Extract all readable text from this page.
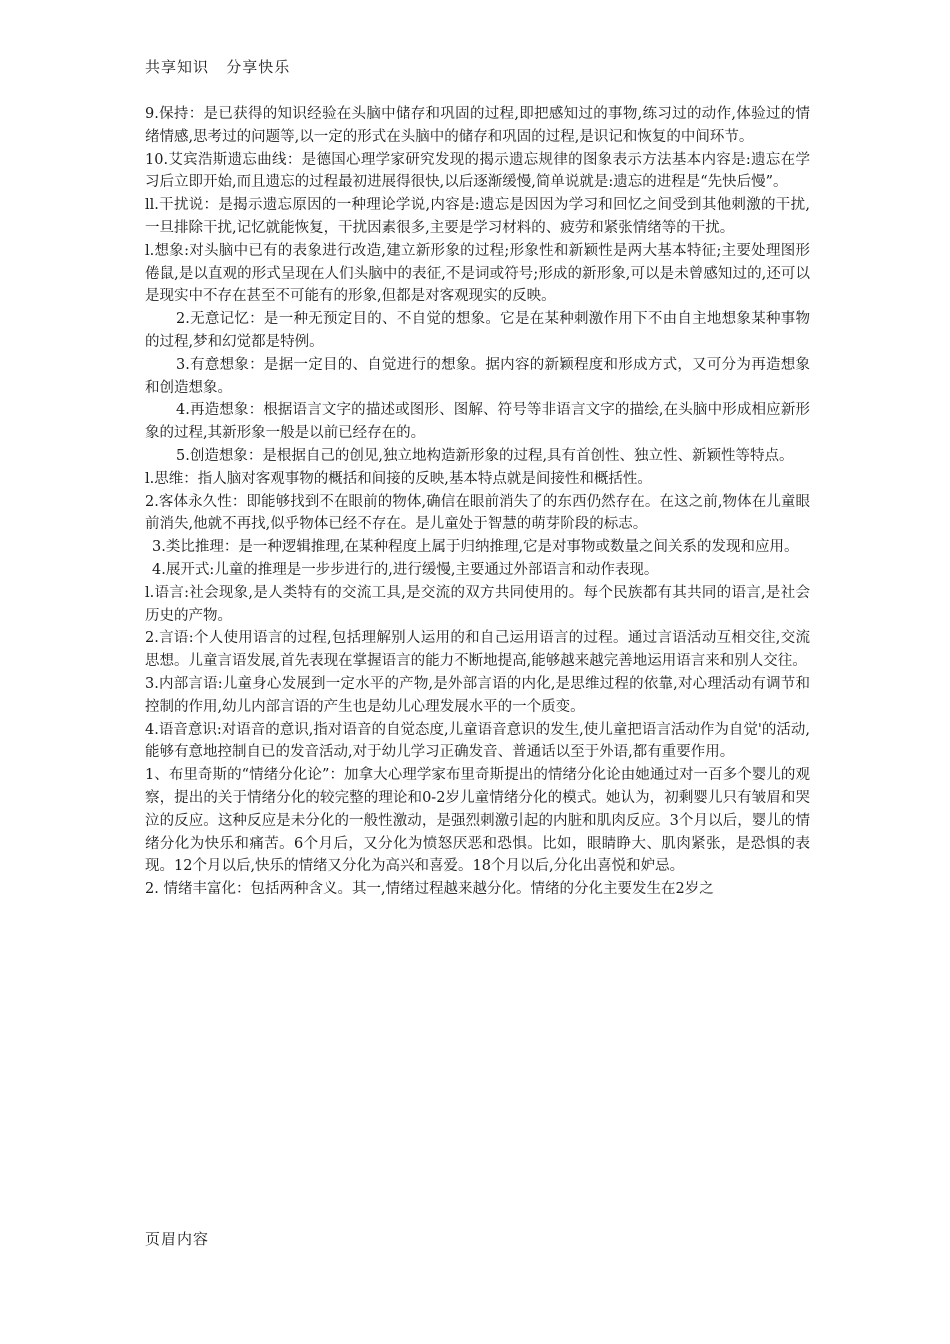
共享知识   分享快乐

9.保持：是已获得的知识经验在头脑中储存和巩固的过程,即把感知过的事物,练习过的动作,体验过的情绪情感,思考过的问题等,以一定的形式在头脑中的储存和巩固的过程,是识记和恢复的中间环节。

10.艾宾浩斯遗忘曲线：是德国心理学家研究发现的揭示遗忘规律的图象表示方法基本内容是:遗忘在学习后立即开始,而且遗忘的过程最初进展得很快,以后逐渐缓慢,简单说就是:遗忘的进程是“先快后慢”。

ll.干扰说：是揭示遗忘原因的一种理论学说,内容是:遗忘是因因为学习和回忆之间受到其他刺激的干扰,一旦排除干扰,记忆就能恢复，干扰因素很多,主要是学习材料的、疲劳和紧张情绪等的干扰。

l.想象:对头脑中已有的表象进行改造,建立新形象的过程;形象性和新颖性是两大基本特征;主要处理图形倦鼠,是以直观的形式呈现在人们头脑中的表征,不是词或符号;形成的新形象,可以是未曾感知过的,还可以是现实中不存在甚至不可能有的形象,但都是对客观现实的反映。

2.无意记忆：是一种无预定目的、不自觉的想象。它是在某种刺激作用下不由自主地想象某种事物的过程,梦和幻觉都是特例。

3.有意想象：是据一定目的、自觉进行的想象。据内容的新颖程度和形成方式，又可分为再造想象和创造想象。

4.再造想象：根据语言文字的描述或图形、图解、符号等非语言文字的描绘,在头脑中形成相应新形象的过程,其新形象一般是以前已经存在的。

5.创造想象：是根据自己的创见,独立地构造新形象的过程,具有首创性、独立性、新颖性等特点。

l.思维：指人脑对客观事物的概括和间接的反映,基本特点就是间接性和概括性。

2.客体永久性：即能够找到不在眼前的物体,确信在眼前消失了的东西仍然存在。在这之前,物体在儿童眼前消失,他就不再找,似乎物体已经不存在。是儿童处于智慧的萌芽阶段的标志。

3.类比推理：是一种逻辑推理,在某种程度上属于归纳推理,它是对事物或数量之间关系的发现和应用。

4.展开式:儿童的推理是一步步进行的,进行缓慢,主要通过外部语言和动作表现。

l.语言:社会现象,是人类特有的交流工具,是交流的双方共同使用的。每个民族都有其共同的语言,是社会历史的产物。

2.言语:个人使用语言的过程,包括理解别人运用的和自己运用语言的过程。通过言语活动互相交往,交流思想。儿童言语发展,首先表现在掌握语言的能力不断地提高,能够越来越完善地运用语言来和别人交往。

3.内部言语:儿童身心发展到一定水平的产物,是外部言语的内化,是思维过程的依靠,对心理活动有调节和控制的作用,幼儿内部言语的产生也是幼儿心理发展水平的一个质变。

4.语音意识:对语音的意识,指对语音的自觉态度,儿童语音意识的发生,使儿童把语言活动作为自觉'的活动,能够有意地控制自已的发音活动,对于幼儿学习正确发音、普通话以至于外语,都有重要作用。

1、布里奇斯的“情绪分化论”：加拿大心理学家布里奇斯提出的情绪分化论由她通过对一百多个婴儿的观察，提出的关于情绪分化的较完整的理论和0-2岁儿童情绪分化的模式。她认为，初剩婴儿只有皱眉和哭泣的反应。这种反应是未分化的一般性激动，是强烈刺激引起的内脏和肌肉反应。3个月以后，婴儿的情绪分化为快乐和痛苦。6个月后，又分化为愤怒厌恶和恐惧。比如，眼睛睁大、肌肉紧张，是恐惧的表现。12个月以后,快乐的情绪又分化为高兴和喜爱。18个月以后,分化出喜悦和妒忌。

2. 情绪丰富化：包括两种含义。其一,情绪过程越来越分化。情绪的分化主要发生在2岁之

页眉内容
